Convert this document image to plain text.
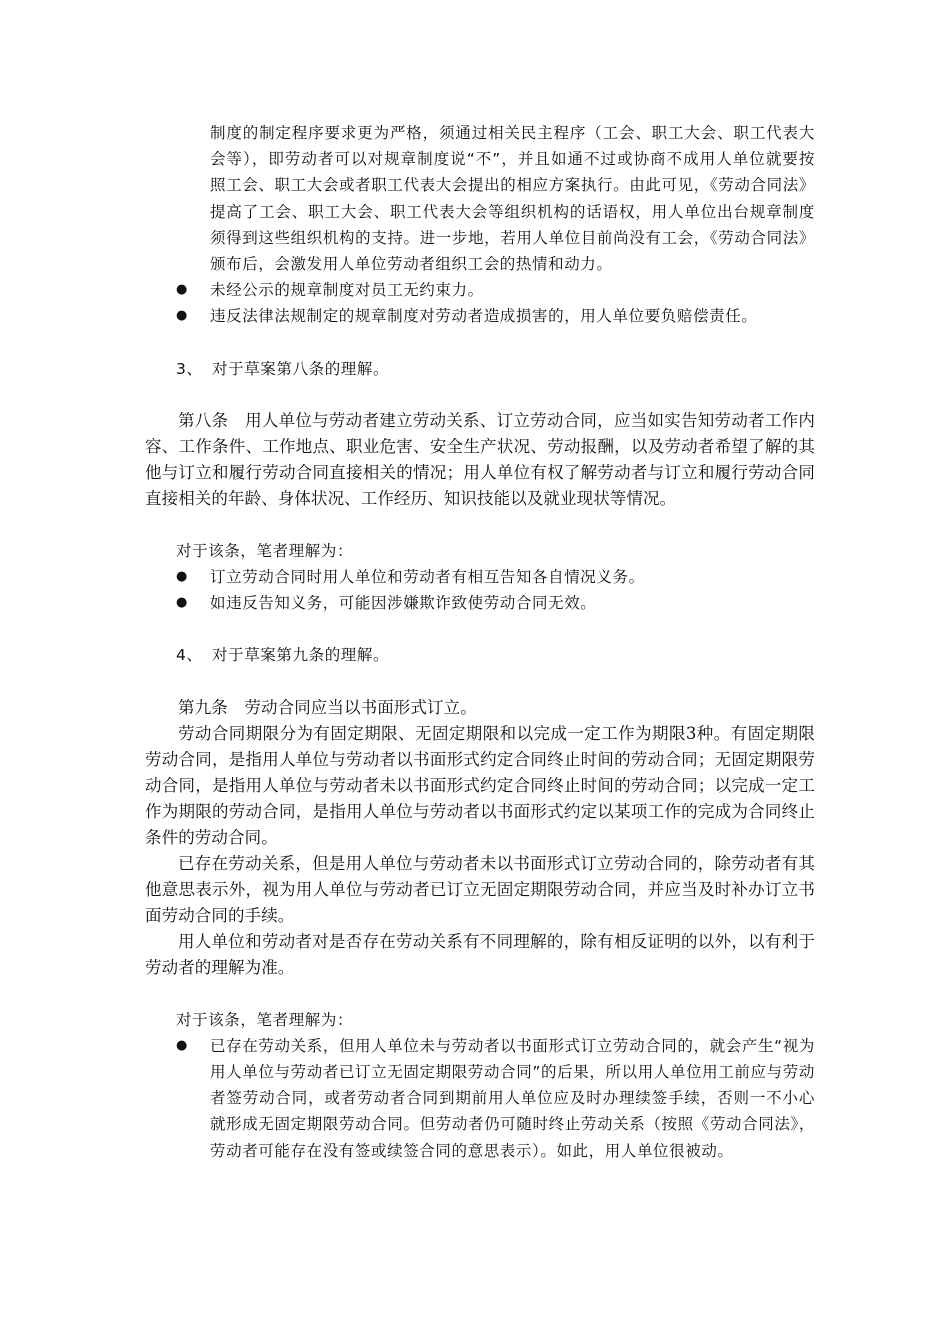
制度的制定程序要求更为严格，须通过相关民主程序（工会、职工大会、职工代表大会等），即劳动者可以对规章制度说“不”，并且如通不过或协商不成用人单位就要按照工会、职工大会或者职工代表大会提出的相应方案执行。由此可见，《劳动合同法》提高了工会、职工大会、职工代表大会等组织机构的话语权，用人单位出台规章制度须得到这些组织机构的支持。进一步地，若用人单位目前尚没有工会，《劳动合同法》颁布后，会激发用人单位劳动者组织工会的热情和动力。

● 未经公示的规章制度对员工无约束力。
● 违反法律法规制定的规章制度对劳动者造成损害的，用人单位要负赔偿责任。

3、 对于草案第八条的理解。

第八条　用人单位与劳动者建立劳动关系、订立劳动合同，应当如实告知劳动者工作内容、工作条件、工作地点、职业危害、安全生产状况、劳动报酬，以及劳动者希望了解的其他与订立和履行劳动合同直接相关的情况；用人单位有权了解劳动者与订立和履行劳动合同直接相关的年龄、身体状况、工作经历、知识技能以及就业现状等情况。

对于该条，笔者理解为：

● 订立劳动合同时用人单位和劳动者有相互告知各自情况义务。
● 如违反告知义务，可能因涉嫌欺诈致使劳动合同无效。

4、 对于草案第九条的理解。

第九条　劳动合同应当以书面形式订立。

劳动合同期限分为有固定期限、无固定期限和以完成一定工作为期限3种。有固定期限劳动合同，是指用人单位与劳动者以书面形式约定合同终止时间的劳动合同；无固定期限劳动合同，是指用人单位与劳动者未以书面形式约定合同终止时间的劳动合同；以完成一定工作为期限的劳动合同，是指用人单位与劳动者以书面形式约定以某项工作的完成为合同终止条件的劳动合同。

已存在劳动关系，但是用人单位与劳动者未以书面形式订立劳动合同的，除劳动者有其他意思表示外，视为用人单位与劳动者已订立无固定期限劳动合同，并应当及时补办订立书面劳动合同的手续。

用人单位和劳动者对是否存在劳动关系有不同理解的，除有相反证明的以外，以有利于劳动者的理解为准。

对于该条，笔者理解为：

● 已存在劳动关系，但用人单位未与劳动者以书面形式订立劳动合同的，就会产生“视为用人单位与劳动者已订立无固定期限劳动合同”的后果，所以用人单位用工前应与劳动者签劳动合同，或者劳动者合同到期前用人单位应及时办理续签手续，否则一不小心就形成无固定期限劳动合同。但劳动者仍可随时终止劳动关系（按照《劳动合同法》，劳动者可能存在没有签或续签合同的意思表示）。如此，用人单位很被动。
